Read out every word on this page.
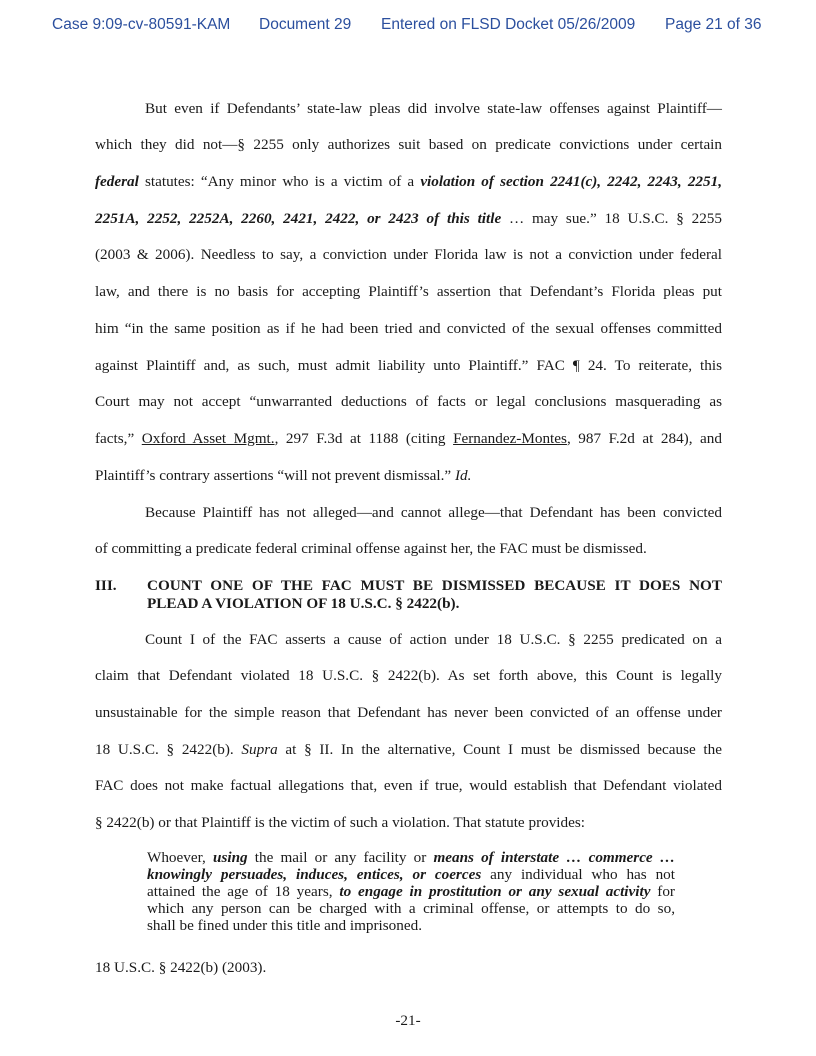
Case 9:09-cv-80591-KAM Document 29 Entered on FLSD Docket 05/26/2009 Page 21 of 36
But even if Defendants’ state-law pleas did involve state-law offenses against Plaintiff—
which they did not—§ 2255 only authorizes suit based on predicate convictions under certain
federal statutes: “Any minor who is a victim of a violation of section 2241(c), 2242, 2243, 2251,
2251A, 2252, 2252A, 2260, 2421, 2422, or 2423 of this title … may sue.” 18 U.S.C. § 2255
(2003 & 2006). Needless to say, a conviction under Florida law is not a conviction under federal
law, and there is no basis for accepting Plaintiff’s assertion that Defendant’s Florida pleas put
him “in the same position as if he had been tried and convicted of the sexual offenses committed
against Plaintiff and, as such, must admit liability unto Plaintiff.” FAC ¶ 24. To reiterate, this
Court may not accept “unwarranted deductions of facts or legal conclusions masquerading as
facts,” Oxford Asset Mgmt., 297 F.3d at 1188 (citing Fernandez-Montes, 987 F.2d at 284), and
Plaintiff’s contrary assertions “will not prevent dismissal.” Id.
Because Plaintiff has not alleged—and cannot allege—that Defendant has been convicted
of committing a predicate federal criminal offense against her, the FAC must be dismissed.
III. COUNT ONE OF THE FAC MUST BE DISMISSED BECAUSE IT DOES NOT
PLEAD A VIOLATION OF 18 U.S.C. § 2422(b).
Count I of the FAC asserts a cause of action under 18 U.S.C. § 2255 predicated on a
claim that Defendant violated 18 U.S.C. § 2422(b). As set forth above, this Count is legally
unsustainable for the simple reason that Defendant has never been convicted of an offense under
18 U.S.C. § 2422(b). Supra at § II. In the alternative, Count I must be dismissed because the
FAC does not make factual allegations that, even if true, would establish that Defendant violated
§ 2422(b) or that Plaintiff is the victim of such a violation. That statute provides:
Whoever, using the mail or any facility or means of interstate … commerce …
knowingly persuades, induces, entices, or coerces any individual who has not
attained the age of 18 years, to engage in prostitution or any sexual activity for
which any person can be charged with a criminal offense, or attempts to do so,
shall be fined under this title and imprisoned.
18 U.S.C. § 2422(b) (2003).
-21-
